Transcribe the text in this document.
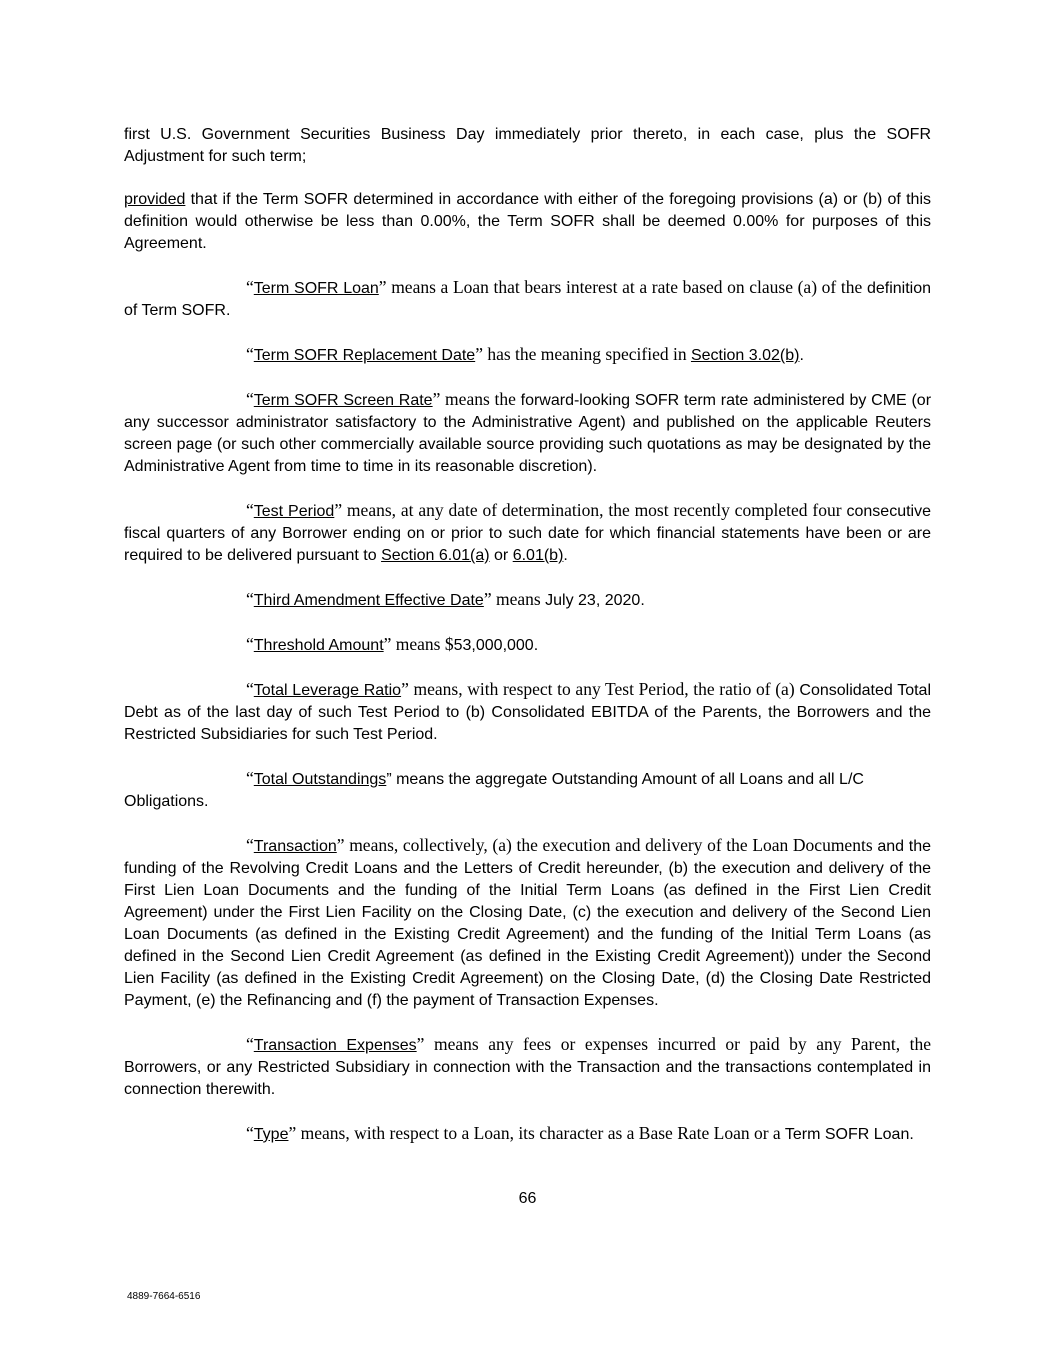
first U.S. Government Securities Business Day immediately prior thereto, in each case, plus the SOFR Adjustment for such term;

provided that if the Term SOFR determined in accordance with either of the foregoing provisions (a) or (b) of this definition would otherwise be less than 0.00%, the Term SOFR shall be deemed 0.00% for purposes of this Agreement.

“Term SOFR Loan” means a Loan that bears interest at a rate based on clause (a) of the definition of Term SOFR.

“Term SOFR Replacement Date” has the meaning specified in Section 3.02(b).

“Term SOFR Screen Rate” means the forward-looking SOFR term rate administered by CME (or any successor administrator satisfactory to the Administrative Agent) and published on the applicable Reuters screen page (or such other commercially available source providing such quotations as may be designated by the Administrative Agent from time to time in its reasonable discretion).

“Test Period” means, at any date of determination, the most recently completed four consecutive fiscal quarters of any Borrower ending on or prior to such date for which financial statements have been or are required to be delivered pursuant to Section 6.01(a) or 6.01(b).

“Third Amendment Effective Date” means July 23, 2020.

“Threshold Amount” means $53,000,000.

“Total Leverage Ratio” means, with respect to any Test Period, the ratio of (a) Consolidated Total Debt as of the last day of such Test Period to (b) Consolidated EBITDA of the Parents, the Borrowers and the Restricted Subsidiaries for such Test Period.

“Total Outstandings” means the aggregate Outstanding Amount of all Loans and all L/C Obligations.

“Transaction” means, collectively, (a) the execution and delivery of the Loan Documents and the funding of the Revolving Credit Loans and the Letters of Credit hereunder, (b) the execution and delivery of the First Lien Loan Documents and the funding of the Initial Term Loans (as defined in the First Lien Credit Agreement) under the First Lien Facility on the Closing Date, (c) the execution and delivery of the Second Lien Loan Documents (as defined in the Existing Credit Agreement) and the funding of the Initial Term Loans (as defined in the Second Lien Credit Agreement (as defined in the Existing Credit Agreement)) under the Second Lien Facility (as defined in the Existing Credit Agreement) on the Closing Date, (d) the Closing Date Restricted Payment, (e) the Refinancing and (f) the payment of Transaction Expenses.

“Transaction Expenses” means any fees or expenses incurred or paid by any Parent, the Borrowers, or any Restricted Subsidiary in connection with the Transaction and the transactions contemplated in connection therewith.

“Type” means, with respect to a Loan, its character as a Base Rate Loan or a Term SOFR Loan.

66
4889-7664-6516
